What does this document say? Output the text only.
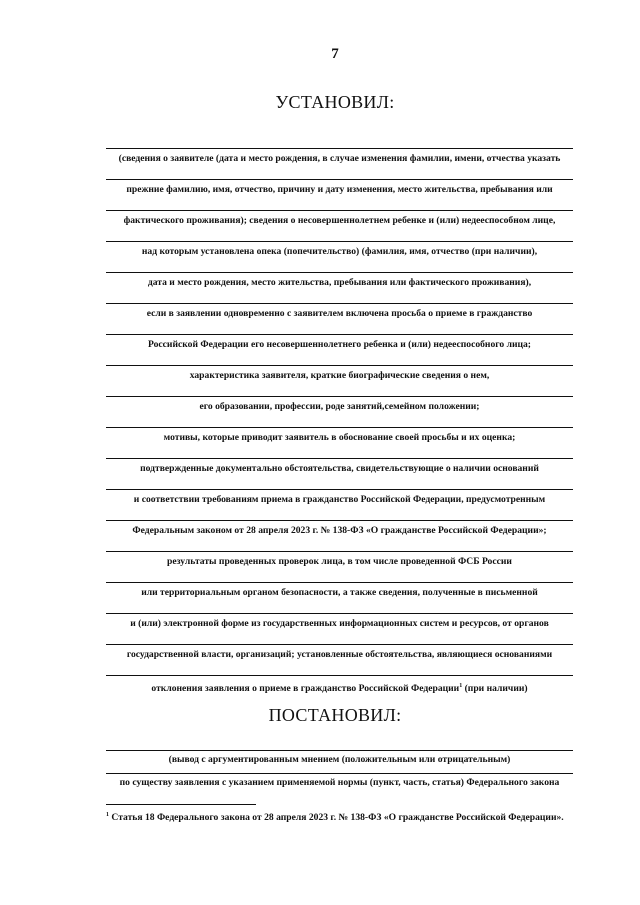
7
УСТАНОВИЛ:
(сведения о заявителе (дата и место рождения, в случае изменения фамилии, имени, отчества указать
прежние фамилию, имя, отчество, причину и дату изменения, место жительства, пребывания или
фактического проживания); сведения о несовершеннолетнем ребенке и (или) недееспособном лице,
над которым установлена опека (попечительство) (фамилия, имя, отчество (при наличии),
дата и место рождения, место жительства, пребывания или фактического проживания),
если в заявлении одновременно с заявителем включена просьба о приеме в гражданство
Российской Федерации его несовершеннолетнего ребенка и (или) недееспособного лица;
характеристика заявителя, краткие биографические сведения о нем,
его образовании, профессии, роде занятий,семейном положении;
мотивы, которые приводит заявитель в обоснование своей просьбы и их оценка;
подтвержденные документально обстоятельства, свидетельствующие о наличии оснований
и соответствии требованиям приема в гражданство Российской Федерации, предусмотренным
Федеральным законом от 28 апреля 2023 г. № 138-ФЗ «О гражданстве Российской Федерации»;
результаты проведенных проверок лица, в том числе проведенной ФСБ России
или территориальным органом безопасности, а также сведения, полученные в письменной
и (или) электронной форме из государственных информационных систем и ресурсов, от органов
государственной власти, организаций; установленные обстоятельства, являющиеся основаниями
отклонения заявления о приеме в гражданство Российской Федерации$^1$ (при наличии)
ПОСТАНОВИЛ:
(вывод с аргументированным мнением (положительным или отрицательным)
по существу заявления с указанием применяемой нормы (пункт, часть, статья) Федерального закона
$^1$ Статья 18 Федерального закона от 28 апреля 2023 г. № 138-ФЗ «О гражданстве Российской Федерации».
